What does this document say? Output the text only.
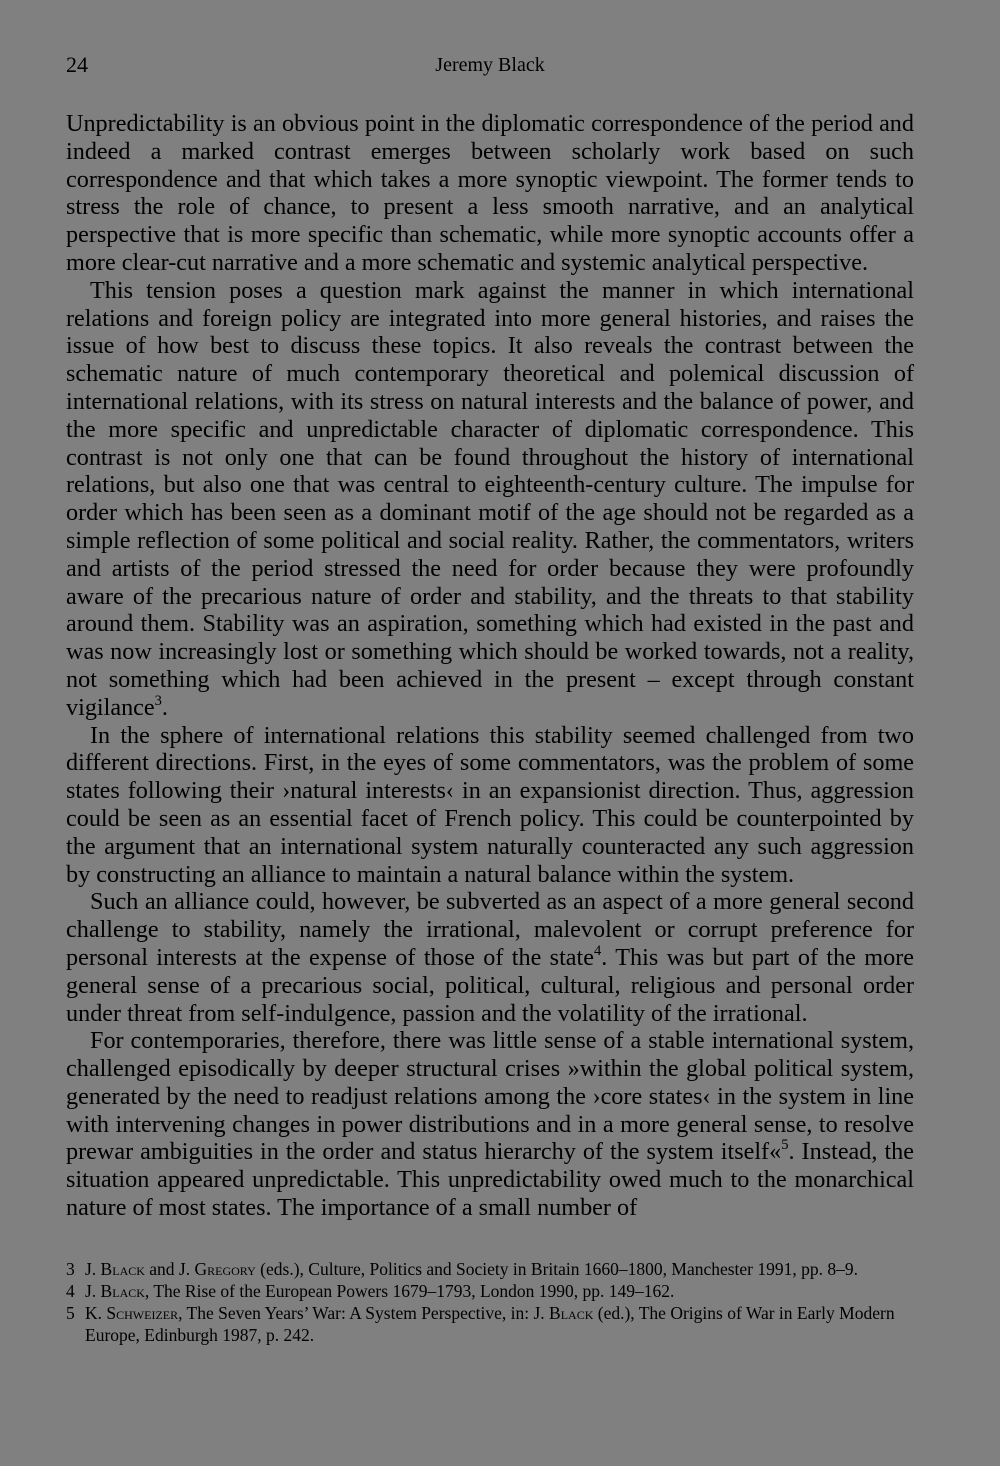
24	Jeremy Black

Unpredictability is an obvious point in the diplomatic correspondence of the period and indeed a marked contrast emerges between scholarly work based on such correspondence and that which takes a more synoptic viewpoint. The former tends to stress the role of chance, to present a less smooth narrative, and an analytical perspective that is more specific than schematic, while more synoptic accounts offer a more clear-cut narrative and a more schematic and systemic analytical perspective.

This tension poses a question mark against the manner in which international relations and foreign policy are integrated into more general histories, and raises the issue of how best to discuss these topics. It also reveals the contrast between the schematic nature of much contemporary theoretical and polemical discussion of international relations, with its stress on natural interests and the balance of power, and the more specific and unpredictable character of diplomatic correspondence. This contrast is not only one that can be found throughout the history of international relations, but also one that was central to eighteenth-century culture. The impulse for order which has been seen as a dominant motif of the age should not be regarded as a simple reflection of some political and social reality. Rather, the commentators, writers and artists of the period stressed the need for order because they were profoundly aware of the precarious nature of order and stability, and the threats to that stability around them. Stability was an aspiration, something which had existed in the past and was now increasingly lost or something which should be worked towards, not a reality, not something which had been achieved in the present – except through constant vigilance$^3$.

In the sphere of international relations this stability seemed challenged from two different directions. First, in the eyes of some commentators, was the problem of some states following their ›natural interests‹ in an expansionist direction. Thus, aggression could be seen as an essential facet of French policy. This could be counterpointed by the argument that an international system naturally counteracted any such aggression by constructing an alliance to maintain a natural balance within the system.

Such an alliance could, however, be subverted as an aspect of a more general second challenge to stability, namely the irrational, malevolent or corrupt preference for personal interests at the expense of those of the state$^4$. This was but part of the more general sense of a precarious social, political, cultural, religious and personal order under threat from self-indulgence, passion and the volatility of the irrational.

For contemporaries, therefore, there was little sense of a stable international system, challenged episodically by deeper structural crises »within the global political system, generated by the need to readjust relations among the ›core states‹ in the system in line with intervening changes in power distributions and in a more general sense, to resolve prewar ambiguities in the order and status hierarchy of the system itself«$^5$. Instead, the situation appeared unpredictable. This unpredictability owed much to the monarchical nature of most states. The importance of a small number of

3 J. Black and J. Gregory (eds.), Culture, Politics and Society in Britain 1660–1800, Manchester 1991, pp. 8–9.
4 J. Black, The Rise of the European Powers 1679–1793, London 1990, pp. 149–162.
5 K. Schweizer, The Seven Years’ War: A System Perspective, in: J. Black (ed.), The Origins of War in Early Modern Europe, Edinburgh 1987, p. 242.
